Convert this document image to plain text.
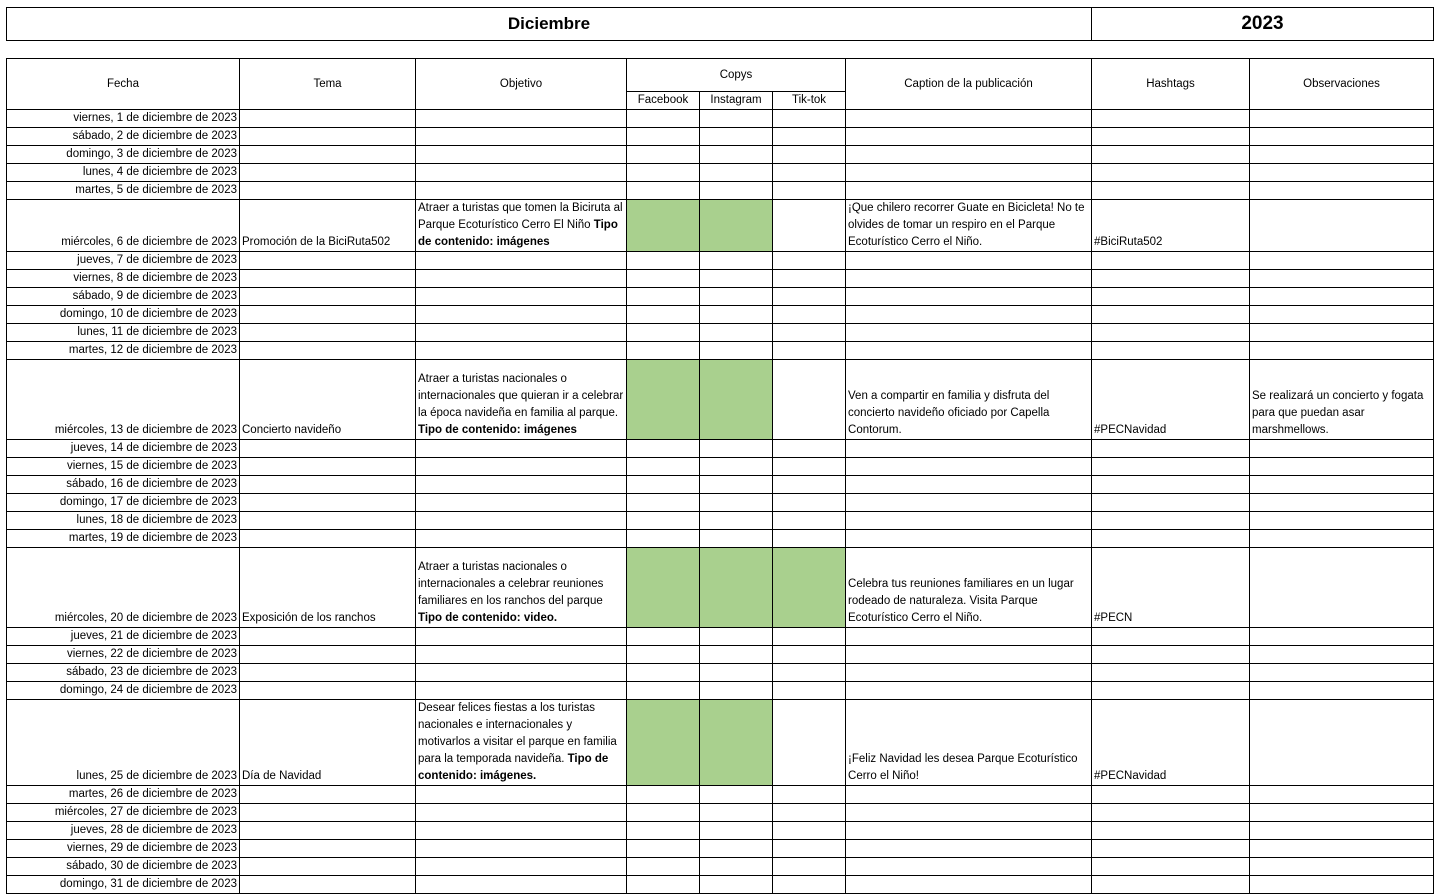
Diciembre	2023
Fecha	Tema	Objetivo	Copys			Caption de la publicación	Hashtags	Observaciones
			Facebook	Instagram	Tik-tok			
viernes, 1 de diciembre de 2023								
sábado, 2 de diciembre de 2023								
domingo, 3 de diciembre de 2023								
lunes, 4 de diciembre de 2023								
martes, 5 de diciembre de 2023								
miércoles, 6 de diciembre de 2023	Promoción de la BiciRuta502	Atraer a turistas que tomen la Biciruta al Parque Ecoturístico Cerro El Niño Tipo de contenido: imágenes				¡Que chilero recorrer Guate en Bicicleta! No te olvides de tomar un respiro en el Parque Ecoturístico Cerro el Niño.	#BiciRuta502	
jueves, 7 de diciembre de 2023								
viernes, 8 de diciembre de 2023								
sábado, 9 de diciembre de 2023								
domingo, 10 de diciembre de 2023								
lunes, 11 de diciembre de 2023								
martes, 12 de diciembre de 2023								
miércoles, 13 de diciembre de 2023	Concierto navideño	Atraer a turistas nacionales o internacionales que quieran ir a celebrar la época navideña en familia al parque. Tipo de contenido: imágenes				Ven a compartir en familia y disfruta del concierto navideño oficiado por Capella Contorum.	#PECNavidad	Se realizará un concierto y fogata para que puedan asar marshmellows.
jueves, 14 de diciembre de 2023								
viernes, 15 de diciembre de 2023								
sábado, 16 de diciembre de 2023								
domingo, 17 de diciembre de 2023								
lunes, 18 de diciembre de 2023								
martes, 19 de diciembre de 2023								
miércoles, 20 de diciembre de 2023	Exposición de los ranchos	Atraer a turistas nacionales o internacionales a celebrar reuniones familiares en los ranchos del parque Tipo de contenido: video.				Celebra tus reuniones familiares en un lugar rodeado de naturaleza. Visita Parque Ecoturístico Cerro el Niño.	#PECN	
jueves, 21 de diciembre de 2023								
viernes, 22 de diciembre de 2023								
sábado, 23 de diciembre de 2023								
domingo, 24 de diciembre de 2023								
lunes, 25 de diciembre de 2023	Día de Navidad	Desear felices fiestas a los turistas nacionales e internacionales y motivarlos a visitar el parque en familia para la temporada navideña. Tipo de contenido: imágenes.				¡Feliz Navidad les desea Parque Ecoturístico Cerro el Niño!	#PECNavidad	
martes, 26 de diciembre de 2023								
miércoles, 27 de diciembre de 2023								
jueves, 28 de diciembre de 2023								
viernes, 29 de diciembre de 2023								
sábado, 30 de diciembre de 2023								
domingo, 31 de diciembre de 2023								
